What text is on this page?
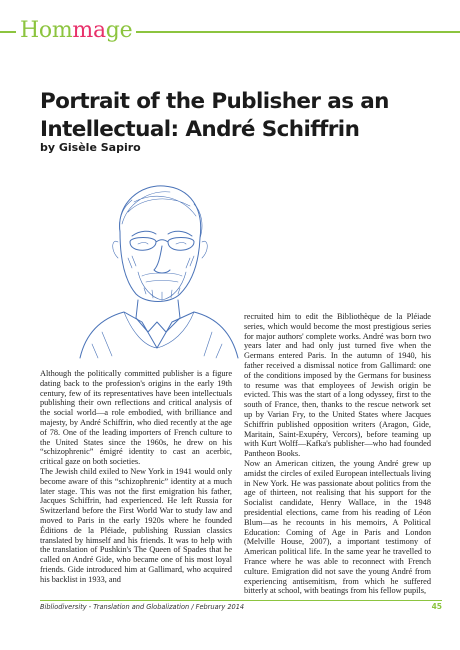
Hommage
Portrait of the Publisher as an Intellectual: André Schiffrin
by Gisèle Sapiro

Although the politically committed publisher is a figure dating back to the profession's origins in the early 19th century, few of its representatives have been intellectuals publishing their own reflections and critical analysis of the social world—a role embodied, with brilliance and majesty, by André Schiffrin, who died recently at the age of 78. One of the leading importers of French culture to the United States since the 1960s, he drew on his “schizophrenic” émigré identity to cast an acerbic, critical gaze on both societies.

The Jewish child exiled to New York in 1941 would only become aware of this “schizophrenic” identity at a much later stage. This was not the first emigration his father, Jacques Schiffrin, had experienced. He left Russia for Switzerland before the First World War to study law and moved to Paris in the early 1920s where he founded Éditions de la Pléiade, publishing Russian classics translated by himself and his friends. It was to help with the translation of Pushkin's The Queen of Spades that he called on André Gide, who became one of his most loyal friends. Gide introduced him at Gallimard, who acquired his backlist in 1933, and

recruited him to edit the Bibliothèque de la Pléiade series, which would become the most prestigious series for major authors' complete works. André was born two years later and had only just turned five when the Germans entered Paris. In the autumn of 1940, his father received a dismissal notice from Gallimard: one of the conditions imposed by the Germans for business to resume was that employees of Jewish origin be evicted. This was the start of a long odyssey, first to the south of France, then, thanks to the rescue network set up by Varian Fry, to the United States where Jacques Schiffrin published opposition writers (Aragon, Gide, Maritain, Saint-Exupéry, Vercors), before teaming up with Kurt Wolff—Kafka's publisher—who had founded Pantheon Books.

Now an American citizen, the young André grew up amidst the circles of exiled European intellectuals living in New York. He was passionate about politics from the age of thirteen, not realising that his support for the Socialist candidate, Henry Wallace, in the 1948 presidential elections, came from his reading of Léon Blum—as he recounts in his memoirs, A Political Education: Coming of Age in Paris and London (Melville House, 2007), a important testimony of American political life. In the same year he travelled to France where he was able to reconnect with French culture. Emigration did not save the young André from experiencing antisemitism, from which he suffered bitterly at school, with beatings from his fellow pupils,

Bibliodiversity - Translation and Globalization / February 2014	45
